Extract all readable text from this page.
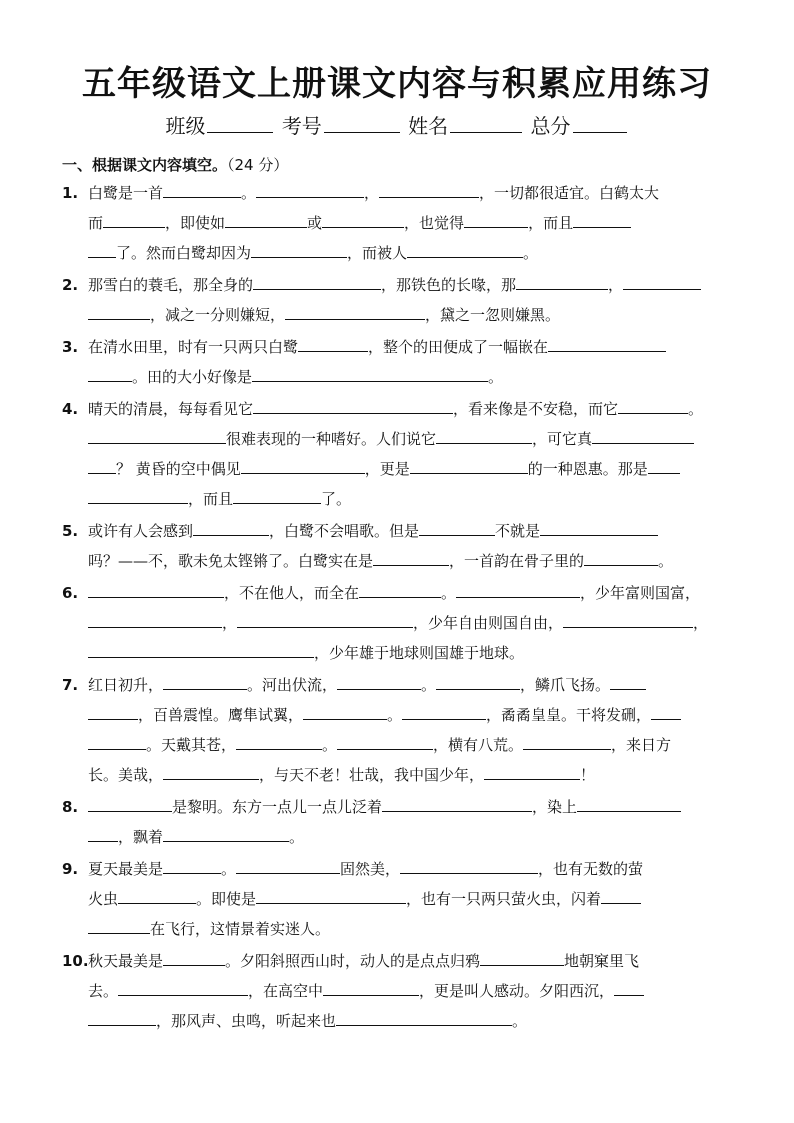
五年级语文上册课文内容与积累应用练习
班级	考号	姓名	总分
一、根据课文内容填空。（24 分）
1. 白鹭是一首	。	，	，一切都很适宜。白鹤太大
而	，即使如	或	，也觉得	，而且
了。然而白鹭却因为	，而被人	。
2. 那雪白的蓑毛，那全身的	，那铁色的长喙，那	，
，减之一分则嫌短，	，黛之一忽则嫌黑。
3. 在清水田里，时有一只两只白鹭	，整个的田便成了一幅嵌在
。田的大小好像是	。
4. 晴天的清晨，每每看见它	，看来像是不安稳，而它	。
很难表现的一种嗜好。人们说它	，可它真
？ 黄昏的空中偶见	，更是	的一种恩惠。那是
，而且	了。
5. 或许有人会感到	，白鹭不会唱歌。但是	不就是
吗？——不，歌未免太铿锵了。白鹭实在是	，一首韵在骨子里的	。
6.	，不在他人，而全在	。	，少年富则国富，
，	，少年自由则国自由，	，
，少年雄于地球则国雄于地球。
7. 红日初升，	。河出伏流，	。	，鳞爪飞扬。
，百兽震惶。鹰隼试翼，	。	，矞矞皇皇。干将发硎，
。天戴其苍，	。	，横有八荒。	，来日方
长。美哉，	，与天不老！壮哉，我中国少年，	！
8.	是黎明。东方一点儿一点儿泛着	，染上
，飘着	。
9. 夏天最美是	。	固然美，	，也有无数的萤
火虫	。即使是	，也有一只两只萤火虫，闪着
在飞行，这情景着实迷人。
10.秋天最美是	。夕阳斜照西山时，动人的是点点归鸦	地朝窠里飞
去。	，在高空中	，更是叫人感动。夕阳西沉，
，那风声、虫鸣，听起来也	。
